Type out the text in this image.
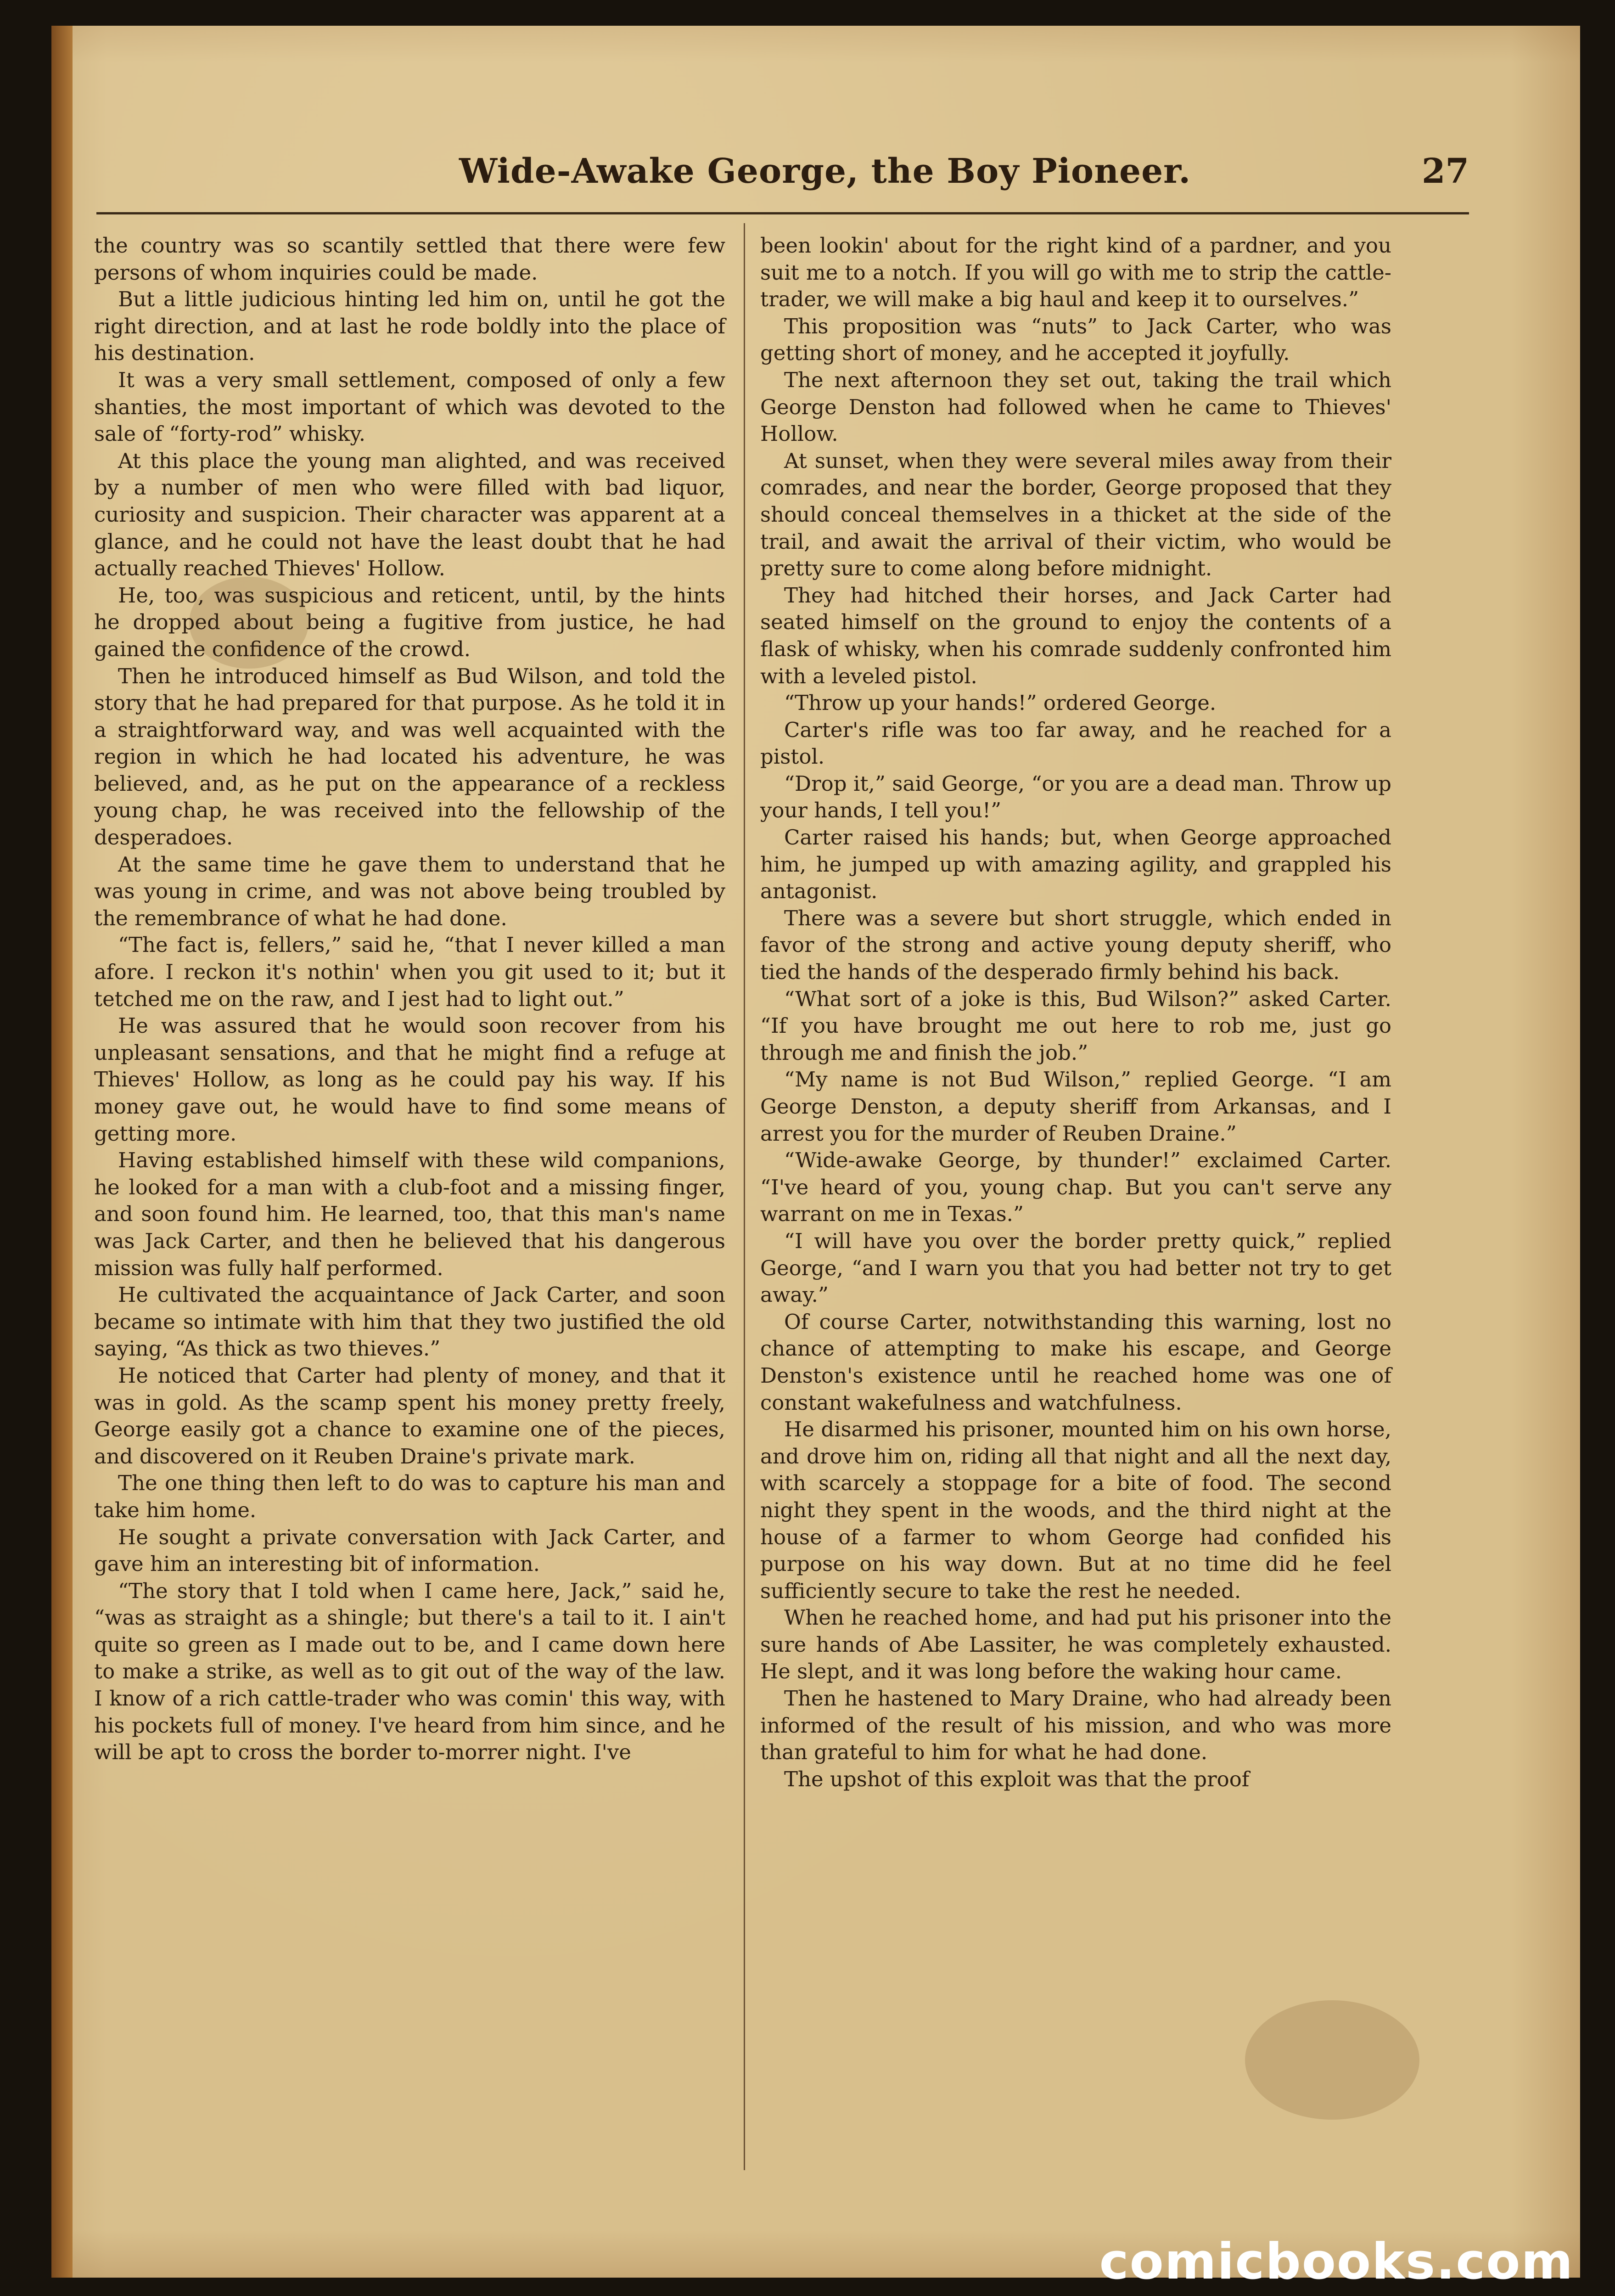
Wide-Awake George, the Boy Pioneer.	27

the country was so scantily settled that there were few persons of whom inquiries could be made.

But a little judicious hinting led him on, until he got the right direction, and at last he rode boldly into the place of his destination.

It was a very small settlement, composed of only a few shanties, the most important of which was devoted to the sale of “forty-rod” whisky.

At this place the young man alighted, and was received by a number of men who were filled with bad liquor, curiosity and suspicion. Their character was apparent at a glance, and he could not have the least doubt that he had actually reached Thieves' Hollow.

He, too, was suspicious and reticent, until, by the hints he dropped about being a fugitive from justice, he had gained the confidence of the crowd.

Then he introduced himself as Bud Wilson, and told the story that he had prepared for that purpose. As he told it in a straightforward way, and was well acquainted with the region in which he had located his adventure, he was believed, and, as he put on the appearance of a reckless young chap, he was received into the fellowship of the desperadoes.

At the same time he gave them to understand that he was young in crime, and was not above being troubled by the remembrance of what he had done.

“The fact is, fellers,” said he, “that I never killed a man afore. I reckon it's nothin' when you git used to it; but it tetched me on the raw, and I jest had to light out.”

He was assured that he would soon recover from his unpleasant sensations, and that he might find a refuge at Thieves' Hollow, as long as he could pay his way. If his money gave out, he would have to find some means of getting more.

Having established himself with these wild companions, he looked for a man with a club-foot and a missing finger, and soon found him. He learned, too, that this man's name was Jack Carter, and then he believed that his dangerous mission was fully half performed.

He cultivated the acquaintance of Jack Carter, and soon became so intimate with him that they two justified the old saying, “As thick as two thieves.”

He noticed that Carter had plenty of money, and that it was in gold. As the scamp spent his money pretty freely, George easily got a chance to examine one of the pieces, and discovered on it Reuben Draine's private mark.

The one thing then left to do was to capture his man and take him home.

He sought a private conversation with Jack Carter, and gave him an interesting bit of information.

“The story that I told when I came here, Jack,” said he, “was as straight as a shingle; but there's a tail to it. I ain't quite so green as I made out to be, and I came down here to make a strike, as well as to git out of the way of the law. I know of a rich cattle-trader who was comin' this way, with his pockets full of money. I've heard from him since, and he will be apt to cross the border to-morrer night. I've

been lookin' about for the right kind of a pardner, and you suit me to a notch. If you will go with me to strip the cattle-trader, we will make a big haul and keep it to ourselves.”

This proposition was “nuts” to Jack Carter, who was getting short of money, and he accepted it joyfully.

The next afternoon they set out, taking the trail which George Denston had followed when he came to Thieves' Hollow.

At sunset, when they were several miles away from their comrades, and near the border, George proposed that they should conceal themselves in a thicket at the side of the trail, and await the arrival of their victim, who would be pretty sure to come along before midnight.

They had hitched their horses, and Jack Carter had seated himself on the ground to enjoy the contents of a flask of whisky, when his comrade suddenly confronted him with a leveled pistol.

“Throw up your hands!” ordered George.

Carter's rifle was too far away, and he reached for a pistol.

“Drop it,” said George, “or you are a dead man. Throw up your hands, I tell you!”

Carter raised his hands; but, when George approached him, he jumped up with amazing agility, and grappled his antagonist.

There was a severe but short struggle, which ended in favor of the strong and active young deputy sheriff, who tied the hands of the desperado firmly behind his back.

“What sort of a joke is this, Bud Wilson?” asked Carter. “If you have brought me out here to rob me, just go through me and finish the job.”

“My name is not Bud Wilson,” replied George. “I am George Denston, a deputy sheriff from Arkansas, and I arrest you for the murder of Reuben Draine.”

“Wide-awake George, by thunder!” exclaimed Carter. “I've heard of you, young chap. But you can't serve any warrant on me in Texas.”

“I will have you over the border pretty quick,” replied George, “and I warn you that you had better not try to get away.”

Of course Carter, notwithstanding this warning, lost no chance of attempting to make his escape, and George Denston's existence until he reached home was one of constant wakefulness and watchfulness.

He disarmed his prisoner, mounted him on his own horse, and drove him on, riding all that night and all the next day, with scarcely a stoppage for a bite of food. The second night they spent in the woods, and the third night at the house of a farmer to whom George had confided his purpose on his way down. But at no time did he feel sufficiently secure to take the rest he needed.

When he reached home, and had put his prisoner into the sure hands of Abe Lassiter, he was completely exhausted. He slept, and it was long before the waking hour came.

Then he hastened to Mary Draine, who had already been informed of the result of his mission, and who was more than grateful to him for what he had done.

The upshot of this exploit was that the proof

comicbooks.com
